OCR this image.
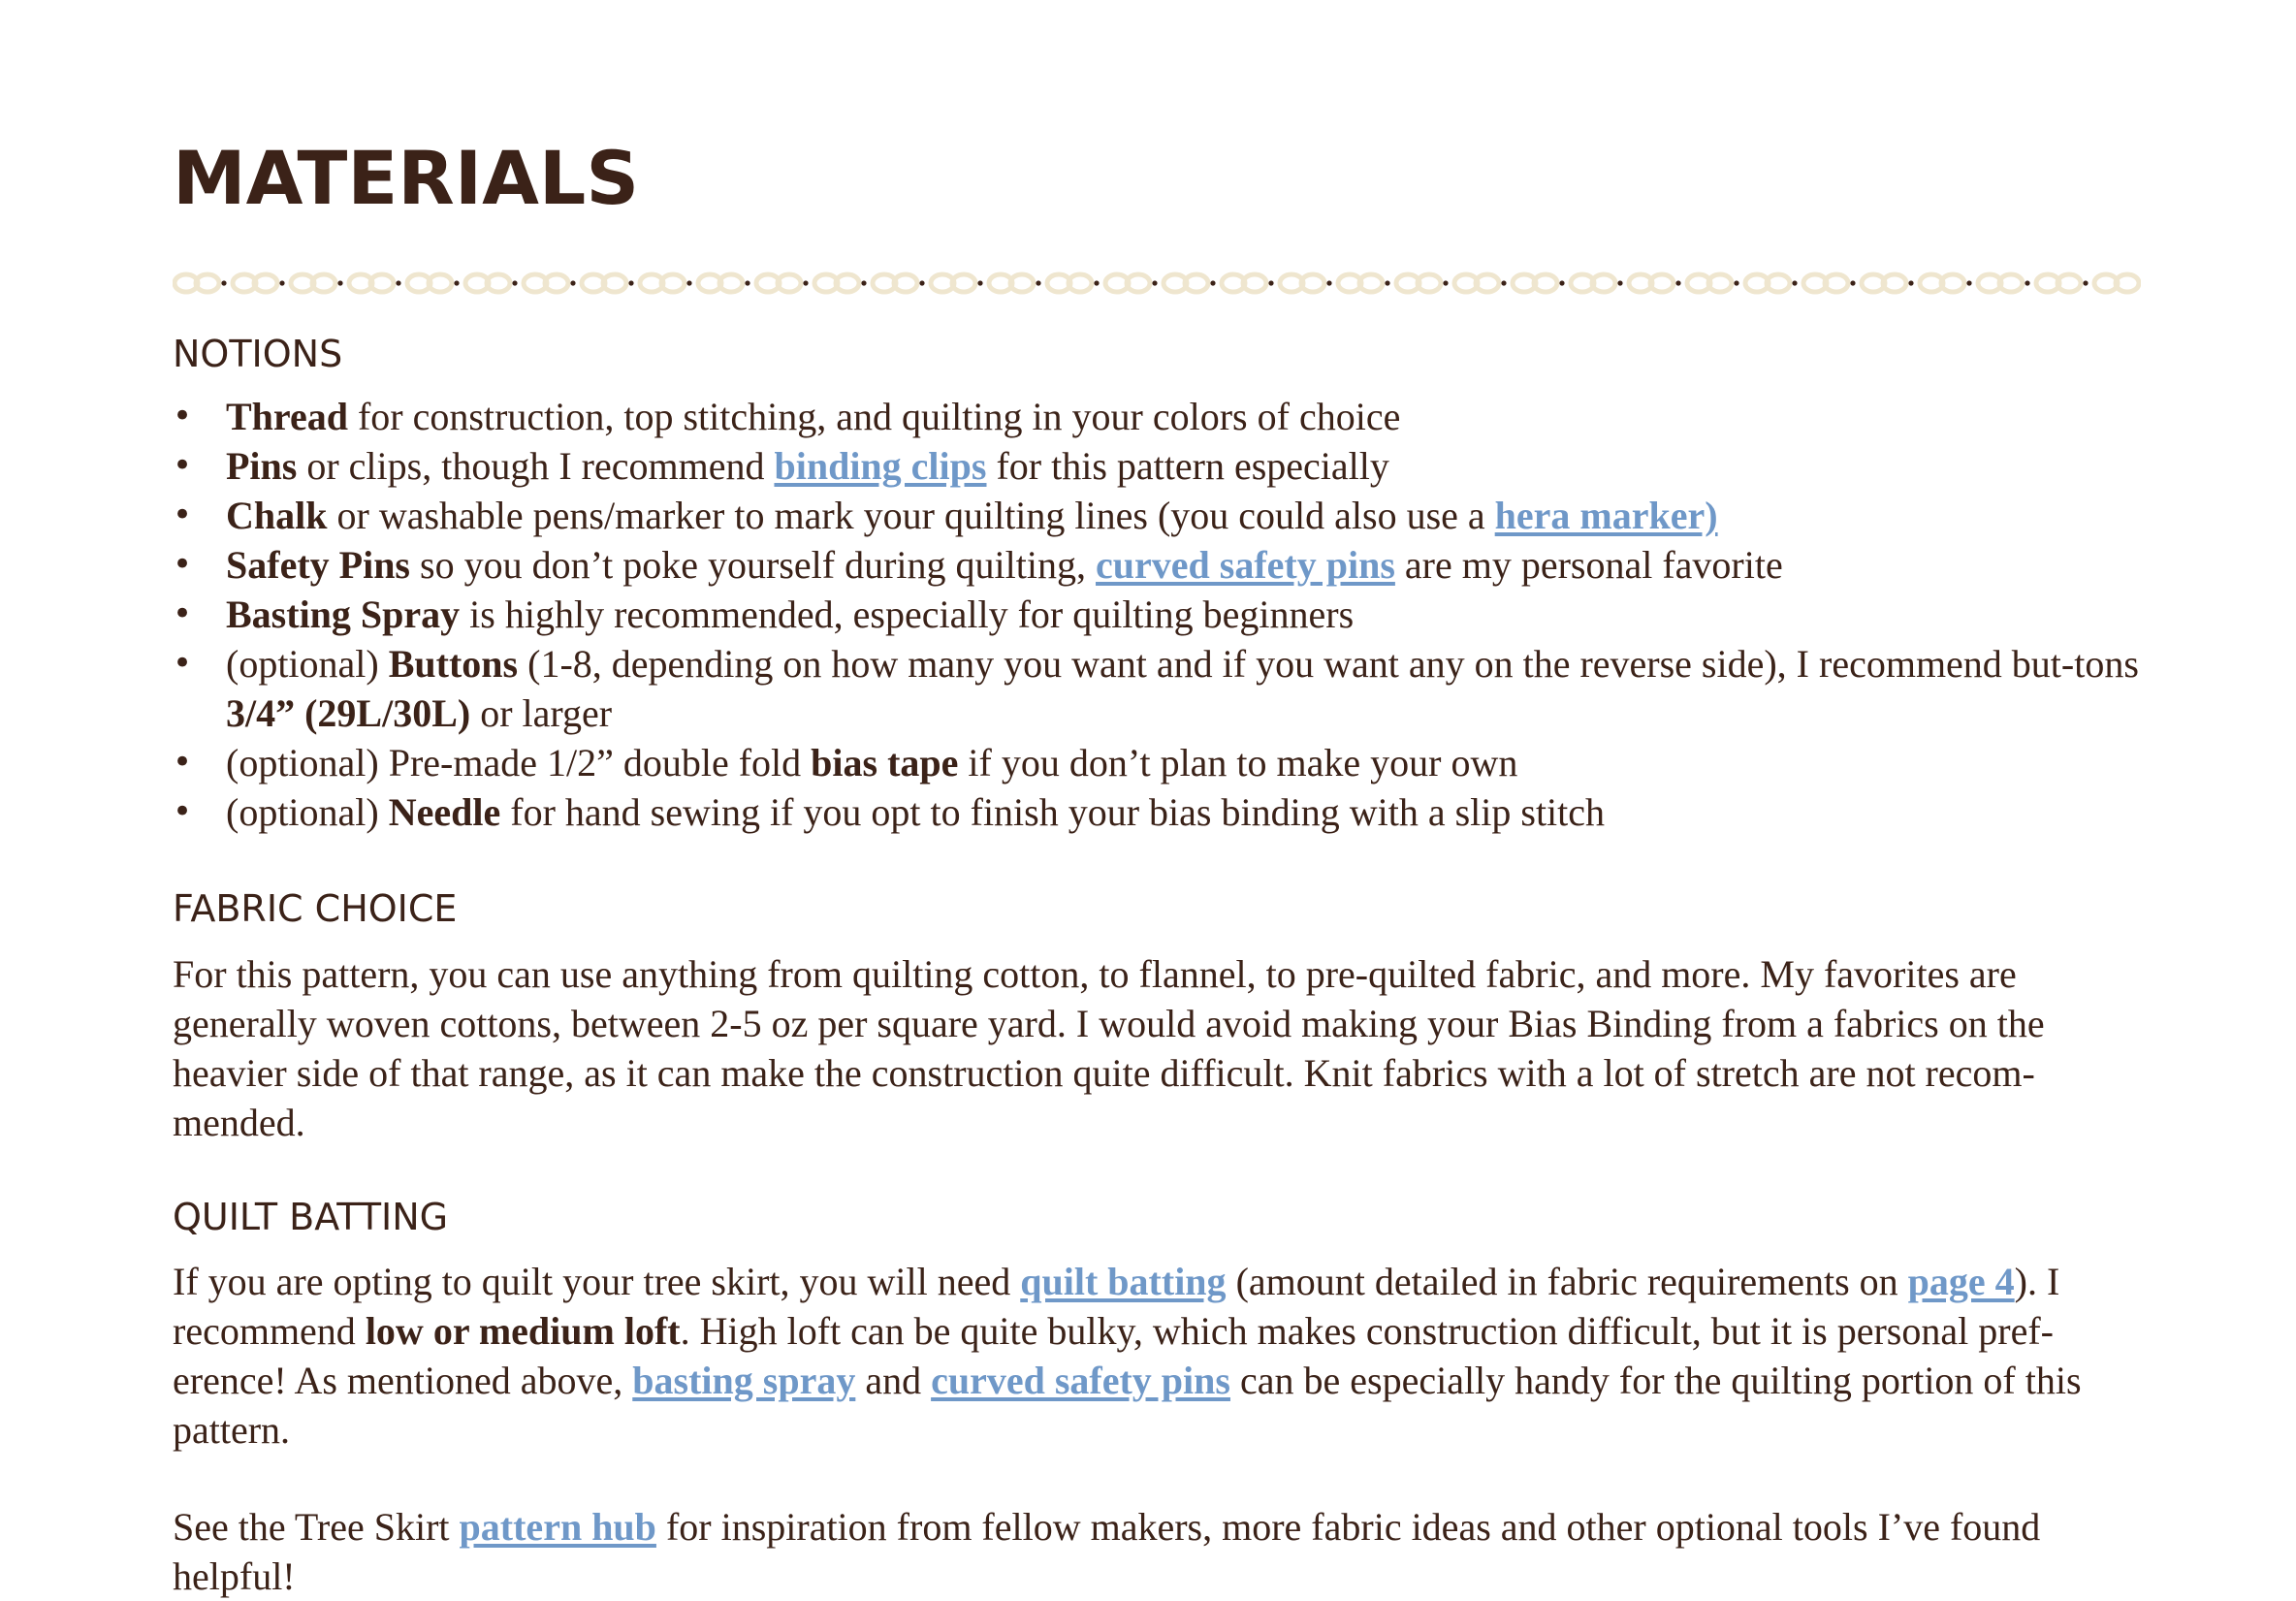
MATERIALS
NOTIONS
• Thread for construction, top stitching, and quilting in your colors of choice
• Pins or clips, though I recommend binding clips for this pattern especially
• Chalk or washable pens/marker to mark your quilting lines (you could also use a hera marker)
• Safety Pins so you don’t poke yourself during quilting, curved safety pins are my personal favorite
• Basting Spray is highly recommended, especially for quilting beginners
• (optional) Buttons (1-8, depending on how many you want and if you want any on the reverse side), I recommend but-tons 3/4” (29L/30L) or larger
• (optional) Pre-made 1/2” double fold bias tape if you don’t plan to make your own
• (optional) Needle for hand sewing if you opt to finish your bias binding with a slip stitch
FABRIC CHOICE

For this pattern, you can use anything from quilting cotton, to flannel, to pre-quilted fabric, and more. My favorites are generally woven cottons, between 2-5 oz per square yard. I would avoid making your Bias Binding from a fabrics on the heavier side of that range, as it can make the construction quite difficult. Knit fabrics with a lot of stretch are not recom-mended.

QUILT BATTING

If you are opting to quilt your tree skirt, you will need quilt batting (amount detailed in fabric requirements on page 4). I recommend low or medium loft. High loft can be quite bulky, which makes construction difficult, but it is personal pref-erence! As mentioned above, basting spray and curved safety pins can be especially handy for the quilting portion of this pattern.

See the Tree Skirt pattern hub for inspiration from fellow makers, more fabric ideas and other optional tools I’ve found helpful!
